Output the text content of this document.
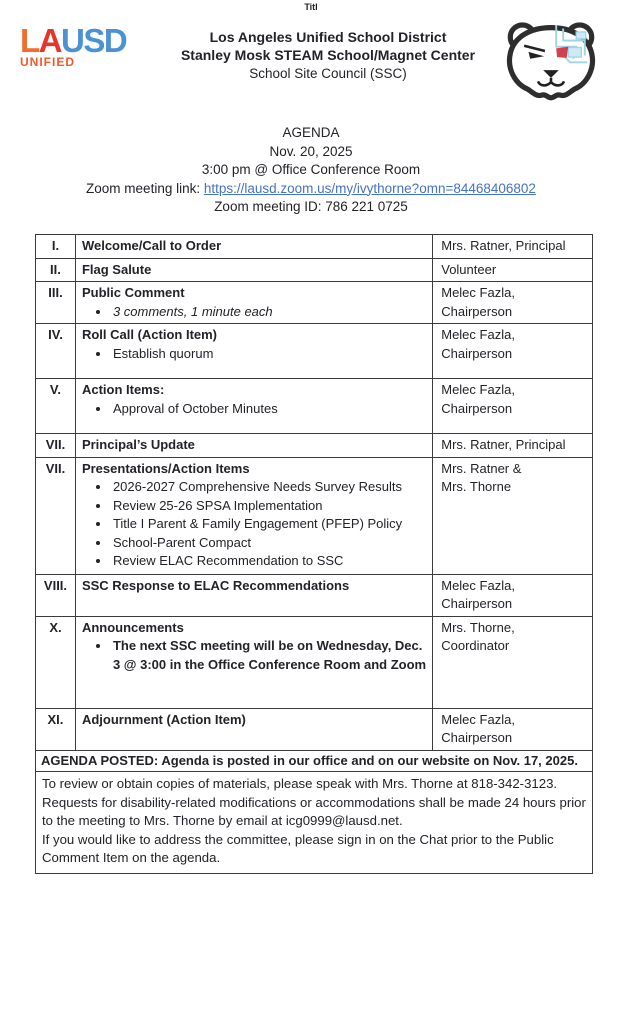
Titl
LAUSD
UNIFIED
Los Angeles Unified School District
Stanley Mosk STEAM School/Magnet Center
School Site Council (SSC)
AGENDA
Nov. 20, 2025
3:00 pm @ Office Conference Room
Zoom meeting link: https://lausd.zoom.us/my/ivythorne?omn=84468406802
Zoom meeting ID: 786 221 0725
I.	Welcome/Call to Order	Mrs. Ratner, Principal
II.	Flag Salute	Volunteer
III.	Public Comment
• 3 comments, 1 minute each
	Melec Fazla,
Chairperson
IV.	Roll Call (Action Item)
• Establish quorum
	Melec Fazla,
Chairperson
V.	Action Items:
• Approval of October Minutes
	Melec Fazla,
Chairperson
VII.	Principal’s Update	Mrs. Ratner, Principal
VII.	Presentations/Action Items
• 2026-2027 Comprehensive Needs Survey Results
• Review 25-26 SPSA Implementation
• Title I Parent & Family Engagement (PFEP) Policy
• School-Parent Compact
• Review ELAC Recommendation to SSC
	Mrs. Ratner &
Mrs. Thorne
VIII.	SSC Response to ELAC Recommendations	Melec Fazla,
Chairperson
X.	Announcements
• The next SSC meeting will be on Wednesday, Dec. 3 @ 3:00 in the Office Conference Room and Zoom
	Mrs. Thorne,
Coordinator
XI.	Adjournment (Action Item)	Melec Fazla,
Chairperson
AGENDA POSTED: Agenda is posted in our office and on our website on Nov. 17, 2025.		

To review or obtain copies of materials, please speak with Mrs. Thorne at 818-342-3123.

Requests for disability-related modifications or accommodations shall be made 24 hours prior to the meeting to Mrs. Thorne by email at icg0999@lausd.net.

If you would like to address the committee, please sign in on the Chat prior to the Public Comment Item on the agenda.		
